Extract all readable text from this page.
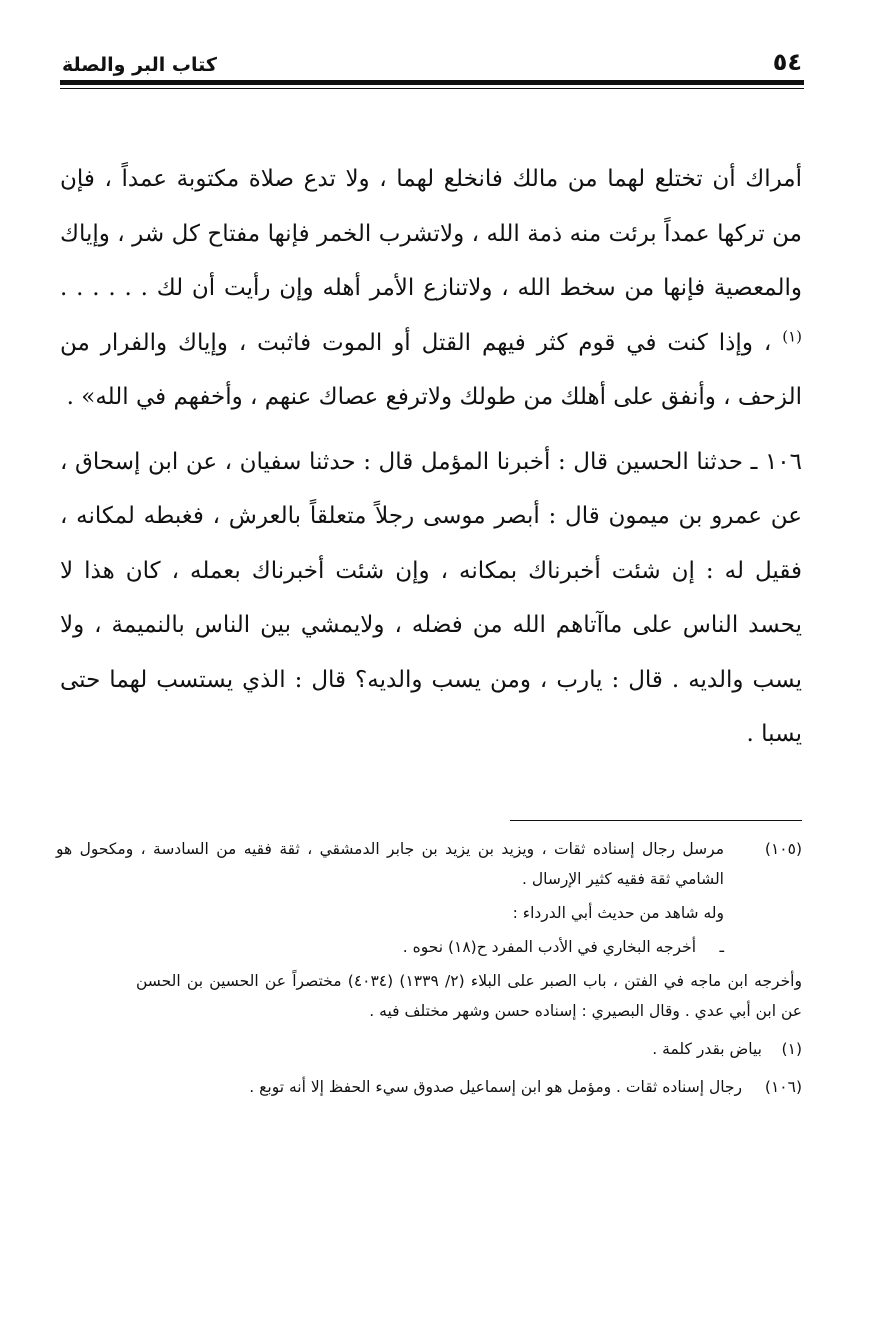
٥٤
كتاب البر والصلة

أمراك أن تختلع لهما من مالك فانخلع لهما ، ولا تدع صلاة مكتوبة عمداً ، فإن من تركها عمداً برئت منه ذمة الله ، ولاتشرب الخمر فإنها مفتاح كل شر ، وإياك والمعصية فإنها من سخط الله ، ولاتنازع الأمر أهله وإن رأيت أن لك . . . . . . $^{(١)}$ ، وإذا كنت في قوم كثر فيهم القتل أو الموت فاثبت ، وإياك والفرار من الزحف ، وأنفق على أهلك من طولك ولاترفع عصاك عنهم ، وأخفهم في الله» .

١٠٦ ـ حدثنا الحسين قال : أخبرنا المؤمل قال : حدثنا سفيان ، عن ابن إسحاق ، عن عمرو بن ميمون قال : أبصر موسى رجلاً متعلقاً بالعرش ، فغبطه لمكانه ، فقيل له : إن شئت أخبرناك بمكانه ، وإن شئت أخبرناك بعمله ، كان هذا لا يحسد الناس على ماآتاهم الله من فضله ، ولايمشي بين الناس بالنميمة ، ولا يسب والديه . قال : يارب ، ومن يسب والديه؟ قال : الذي يستسب لهما حتى يسبا .

(١٠٥)

مرسل رجال إسناده ثقات ، ويزيد بن يزيد بن جابر الدمشقي ، ثقة فقيه من السادسة ، ومكحول هو الشامي ثقة فقيه كثير الإرسال .

وله شاهد من حديث أبي الدرداء :

ـ
أخرجه البخاري في الأدب المفرد ح(١٨) نحوه .

وأخرجه ابن ماجه في الفتن ، باب الصبر على البلاء (٢/ ١٣٣٩) (٤٠٣٤) مختصراً عن الحسين بن الحسن عن ابن أبي عدي . وقال البصيري : إسناده حسن وشهر مختلف فيه .
(١)
بياض بقدر كلمة .
(١٠٦)
رجال إسناده ثقات . ومؤمل هو ابن إسماعيل صدوق سيء الحفظ إلا أنه توبع .
